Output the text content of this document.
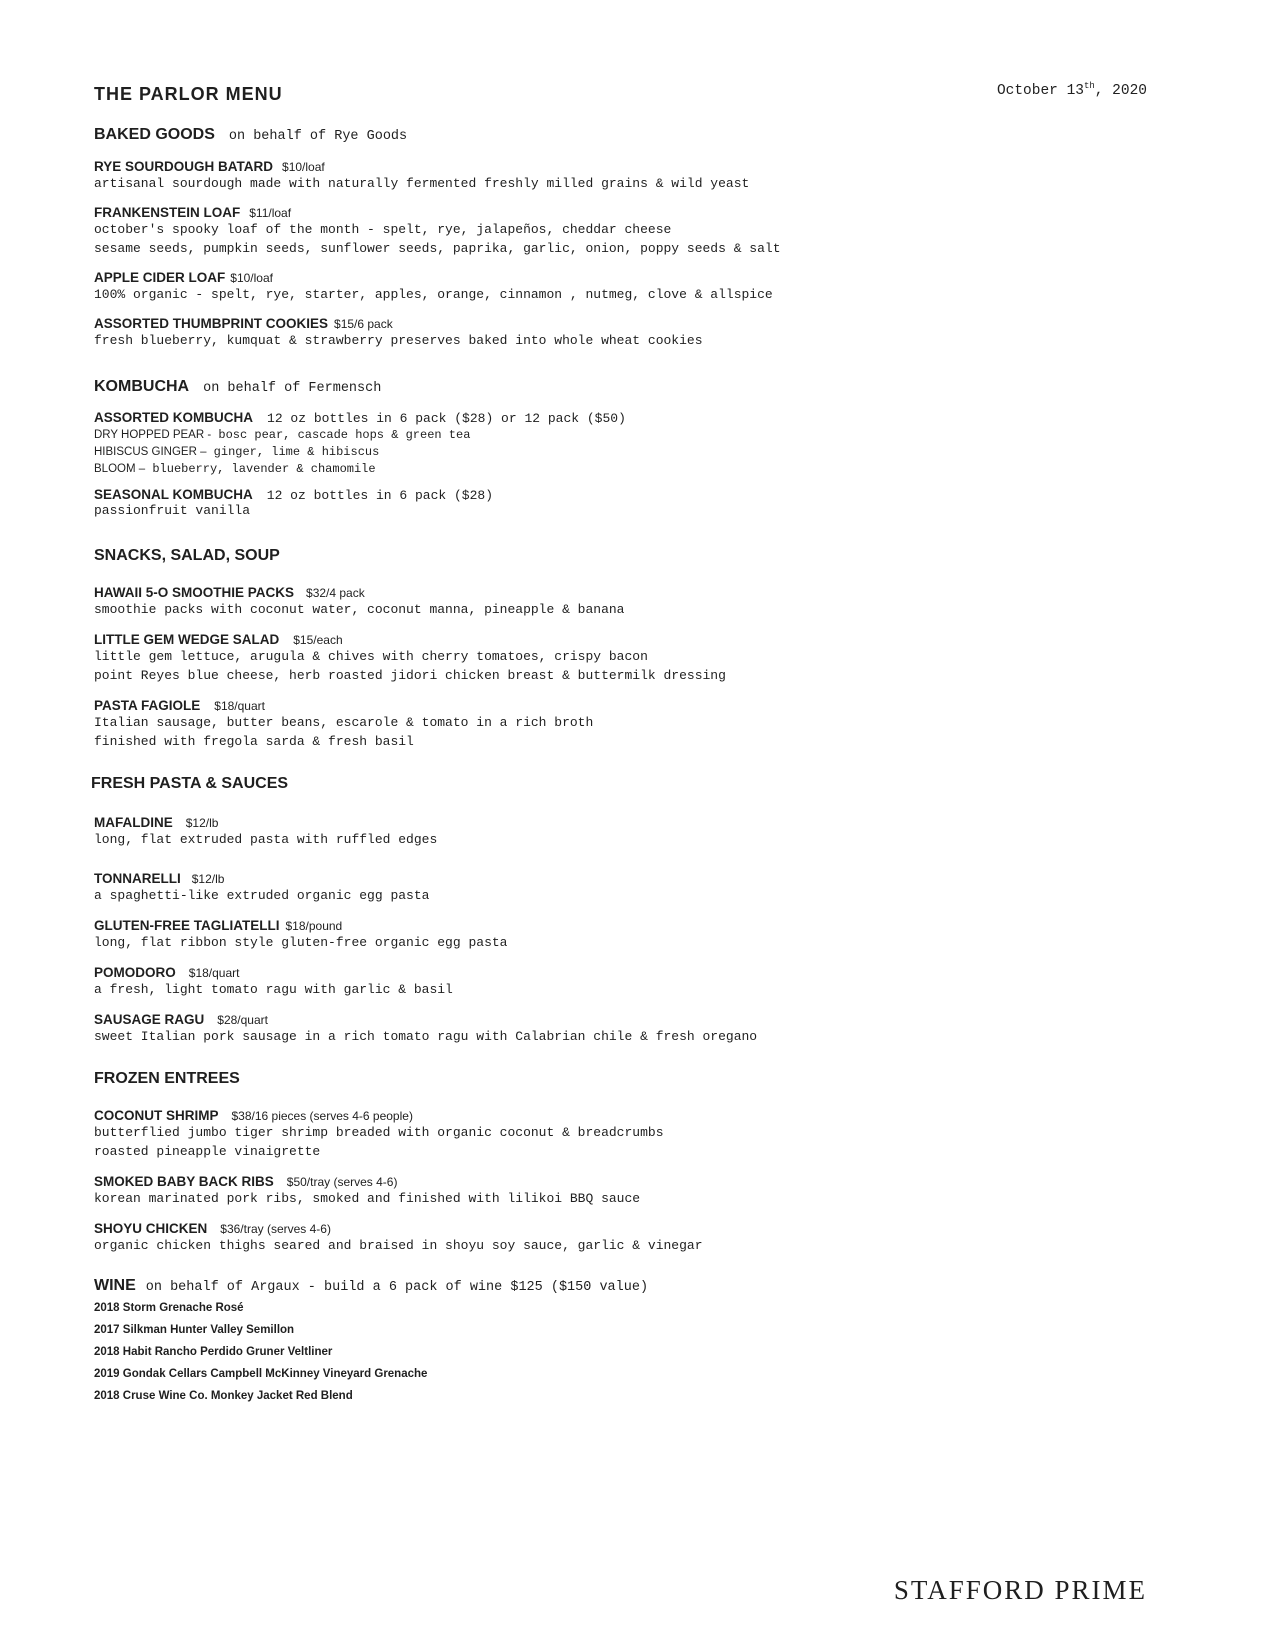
THE PARLOR MENU	October 13th, 2020
BAKED GOODS on behalf of Rye Goods
RYE SOURDOUGH BATARD $10/loaf
artisanal sourdough made with naturally fermented freshly milled grains & wild yeast
FRANKENSTEIN LOAF $11/loaf
october's spooky loaf of the month - spelt, rye, jalapeños, cheddar cheese
sesame seeds, pumpkin seeds, sunflower seeds, paprika, garlic, onion, poppy seeds & salt
APPLE CIDER LOAF $10/loaf
100% organic - spelt, rye, starter, apples, orange, cinnamon , nutmeg, clove & allspice
ASSORTED THUMBPRINT COOKIES $15/6 pack
fresh blueberry, kumquat & strawberry preserves baked into whole wheat cookies
KOMBUCHA on behalf of Fermensch
ASSORTED KOMBUCHA 12 oz bottles in 6 pack ($28) or 12 pack ($50)
DRY HOPPED PEAR - bosc pear, cascade hops & green tea
HIBISCUS GINGER – ginger, lime & hibiscus
BLOOM – blueberry, lavender & chamomile
SEASONAL KOMBUCHA 12 oz bottles in 6 pack ($28)
passionfruit vanilla
SNACKS, SALAD, SOUP
HAWAII 5-O SMOOTHIE PACKS $32/4 pack
smoothie packs with coconut water, coconut manna, pineapple & banana
LITTLE GEM WEDGE SALAD $15/each
little gem lettuce, arugula & chives with cherry tomatoes, crispy bacon
point Reyes blue cheese, herb roasted jidori chicken breast & buttermilk dressing
PASTA FAGIOLE $18/quart
Italian sausage, butter beans, escarole & tomato in a rich broth
finished with fregola sarda & fresh basil
FRESH PASTA & SAUCES
MAFALDINE $12/lb
long, flat extruded pasta with ruffled edges
TONNARELLI $12/lb
a spaghetti-like extruded organic egg pasta
GLUTEN-FREE TAGLIATELLI $18/pound
long, flat ribbon style gluten-free organic egg pasta
POMODORO $18/quart
a fresh, light tomato ragu with garlic & basil
SAUSAGE RAGU $28/quart
sweet Italian pork sausage in a rich tomato ragu with Calabrian chile & fresh oregano
FROZEN ENTREES
COCONUT SHRIMP $38/16 pieces (serves 4-6 people)
butterflied jumbo tiger shrimp breaded with organic coconut & breadcrumbs
roasted pineapple vinaigrette
SMOKED BABY BACK RIBS $50/tray (serves 4-6)
korean marinated pork ribs, smoked and finished with lilikoi BBQ sauce
SHOYU CHICKEN $36/tray (serves 4-6)
organic chicken thighs seared and braised in shoyu soy sauce, garlic & vinegar
WINE on behalf of Argaux - build a 6 pack of wine $125 ($150 value)
2018 Storm Grenache Rosé
2017 Silkman Hunter Valley Semillon
2018 Habit Rancho Perdido Gruner Veltliner
2019 Gondak Cellars Campbell McKinney Vineyard Grenache
2018 Cruse Wine Co. Monkey Jacket Red Blend
STAFFORD PRIME
